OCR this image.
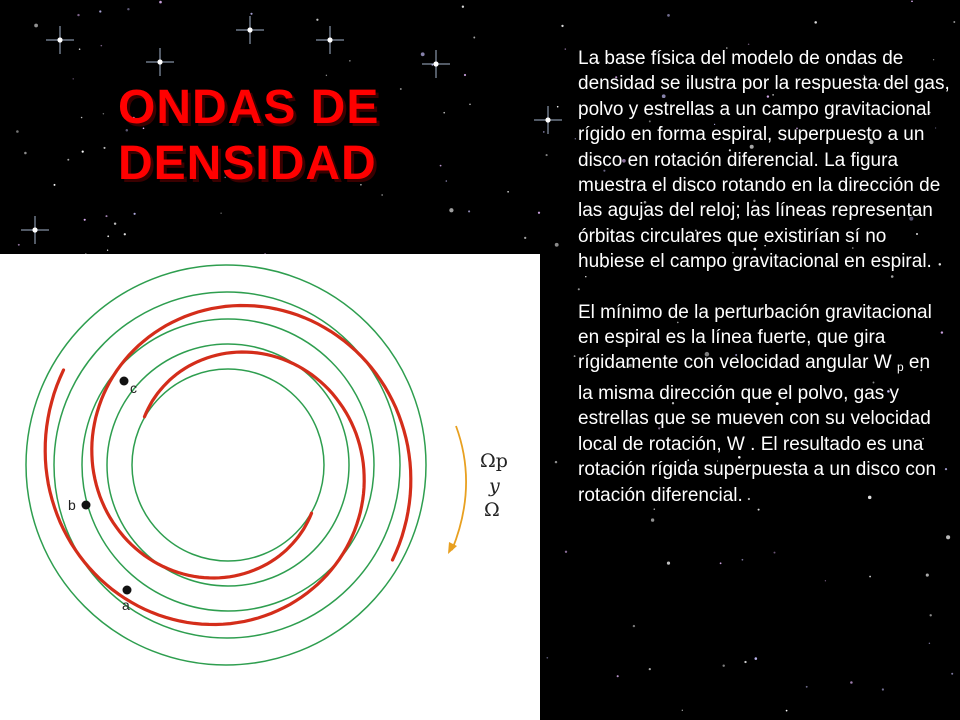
ONDAS DE
DENSIDAD

La base física del modelo de ondas de densidad se ilustra por la respuesta del gas, polvo y estrellas a un campo gravitacional rígido en forma espiral, superpuesto a un disco en rotación diferencial. La figura muestra el disco rotando en la dirección de las agujas del reloj; las líneas representan órbitas circulares que existirían sí no hubiese el campo gravitacional en espiral.

El mínimo de la perturbación gravitacional en espiral es la línea fuerte, que gira rígidamente con velocidad angular W $_p$ en la misma dirección que el polvo, gas y estrellas que se mueven con su velocidad local de rotación, W . El resultado es una rotación rígida superpuesta a un disco con rotación diferencial.

c
b
a
Ωp
y
Ω
